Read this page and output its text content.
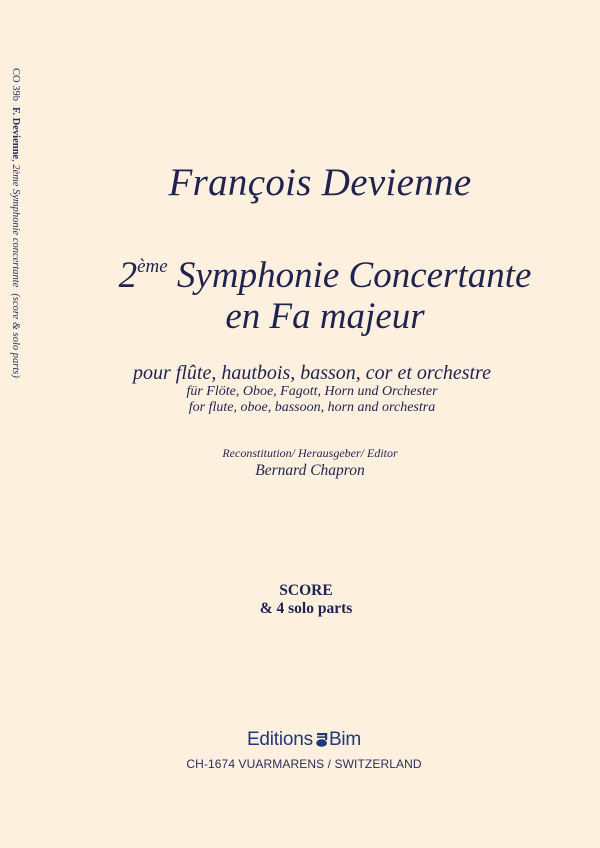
CO 39bF. Devienne, 2ème Symphonie concertante(score & solo parts)
François Devienne
2ème Symphonie Concertante
en Fa majeur
pour flûte, hautbois, basson, cor et orchestre
für Flöte, Oboe, Fagott, Horn und Orchester
for flute, oboe, bassoon, horn and orchestra
Reconstitution/ Herausgeber/ Editor
Bernard Chapron
SCORE
& 4 solo parts
Editions Bim
CH-1674 VUARMARENS / SWITZERLAND
